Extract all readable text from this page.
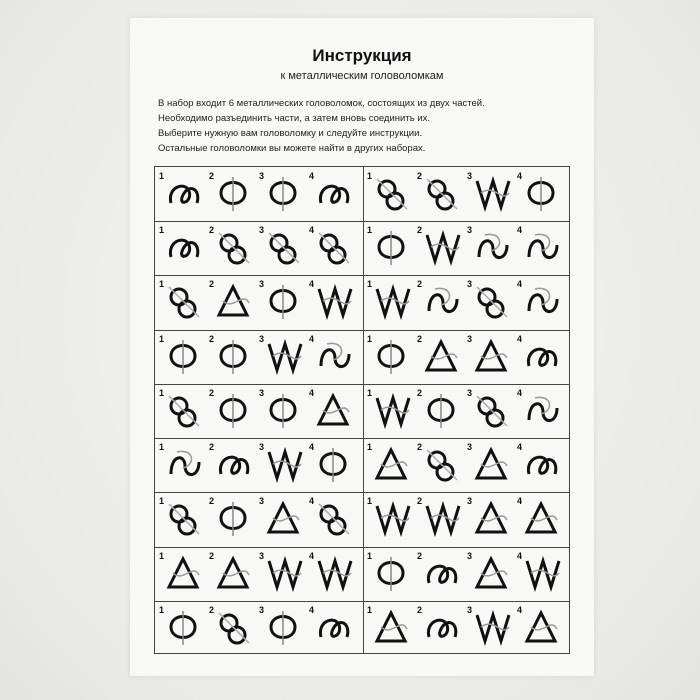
Инструкция
к металлическим головоломкам
В набор входит 6 металлических головоломок, состоящих из двух частей.
Необходимо разъединить части, а затем вновь соединить их.
Выберите нужную вам головоломку и следуйте инструкции.
Остальные головоломки вы можете найти в других наборах.
1	2	3	4	1	2	3	4
1	2	3	4	1	2	3	4
1	2	3	4	1	2	3	4
1	2	3	4	1	2	3	4
1	2	3	4	1	2	3	4
1	2	3	4	1	2	3	4
1	2	3	4	1	2	3	4
1	2	3	4	1	2	3	4
1	2	3	4	1	2	3	4
